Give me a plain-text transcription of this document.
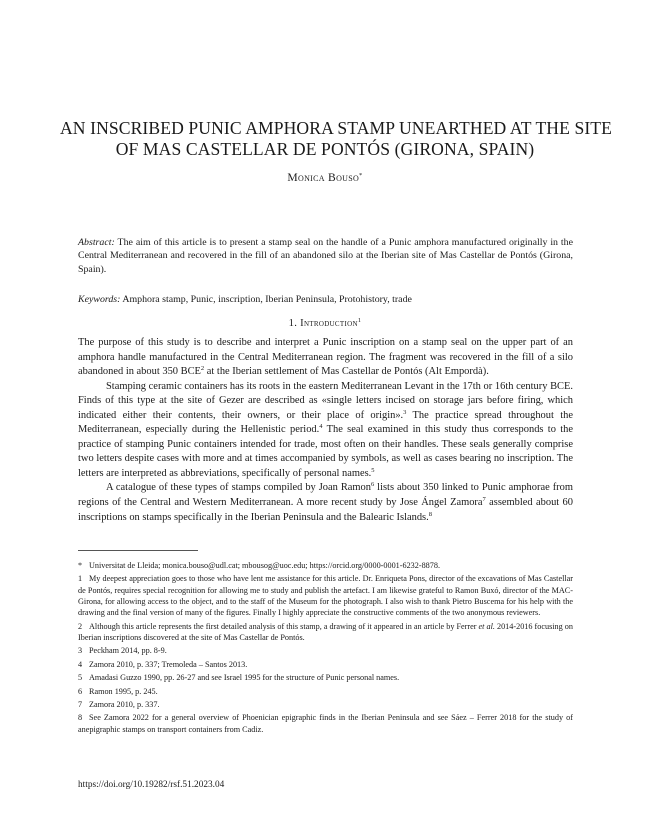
AN INSCRIBED PUNIC AMPHORA STAMP UNEARTHED AT THE SITE
OF MAS CASTELLAR DE PONTÓS (GIRONA, SPAIN)
Monica Bouso*
Abstract: The aim of this article is to present a stamp seal on the handle of a Punic amphora manufactured originally in the Central Mediterranean and recovered in the fill of an abandoned silo at the Iberian site of Mas Castellar de Pontós (Girona, Spain).
Keywords: Amphora stamp, Punic, inscription, Iberian Peninsula, Protohistory, trade
1. Introduction$^1$

The purpose of this study is to describe and interpret a Punic inscription on a stamp seal on the upper part of an amphora handle manufactured in the Central Mediterranean region. The fragment was recovered in the fill of a silo abandoned in about 350 BCE$^2$ at the Iberian settlement of Mas Castellar de Pontós (Alt Empordà).

Stamping ceramic containers has its roots in the eastern Mediterranean Levant in the 17th or 16th century BCE. Finds of this type at the site of Gezer are described as «single letters incised on storage jars before firing, which indicated either their contents, their owners, or their place of origin».$^3$ The practice spread throughout the Mediterranean, especially during the Hellenistic period.$^4$ The seal examined in this study thus corresponds to the practice of stamping Punic containers intended for trade, most often on their handles. These seals generally comprise two letters despite cases with more and at times accompanied by symbols, as well as cases bearing no inscription. The letters are interpreted as abbreviations, specifically of personal names.$^5$

A catalogue of these types of stamps compiled by Joan Ramon$^6$ lists about 350 linked to Punic amphorae from regions of the Central and Western Mediterranean. A more recent study by Jose Ángel Zamora$^7$ assembled about 60 inscriptions on stamps specifically in the Iberian Peninsula and the Balearic Islands.$^8$

* Universitat de Lleida; monica.bouso@udl.cat; mbousog@uoc.edu; https://orcid.org/0000-0001-6232-8878.

1 My deepest appreciation goes to those who have lent me assistance for this article. Dr. Enriqueta Pons, director of the excavations of Mas Castellar de Pontós, requires special recognition for allowing me to study and publish the artefact. I am likewise grateful to Ramon Buxó, director of the MAC-Girona, for allowing access to the object, and to the staff of the Museum for the photograph. I also wish to thank Pietro Buscema for his help with the drawing and the final version of many of the figures. Finally I highly appreciate the constructive comments of the two anonymous reviewers.

2 Although this article represents the first detailed analysis of this stamp, a drawing of it appeared in an article by Ferrer et al. 2014-2016 focusing on Iberian inscriptions discovered at the site of Mas Castellar de Pontós.

3 Peckham 2014, pp. 8-9.

4 Zamora 2010, p. 337; Tremoleda – Santos 2013.

5 Amadasi Guzzo 1990, pp. 26-27 and see Israel 1995 for the structure of Punic personal names.

6 Ramon 1995, p. 245.

7 Zamora 2010, p. 337.

8 See Zamora 2022 for a general overview of Phoenician epigraphic finds in the Iberian Peninsula and see Sáez – Ferrer 2018 for the study of anepigraphic stamps on transport containers from Cadiz.

https://doi.org/10.19282/rsf.51.2023.04
